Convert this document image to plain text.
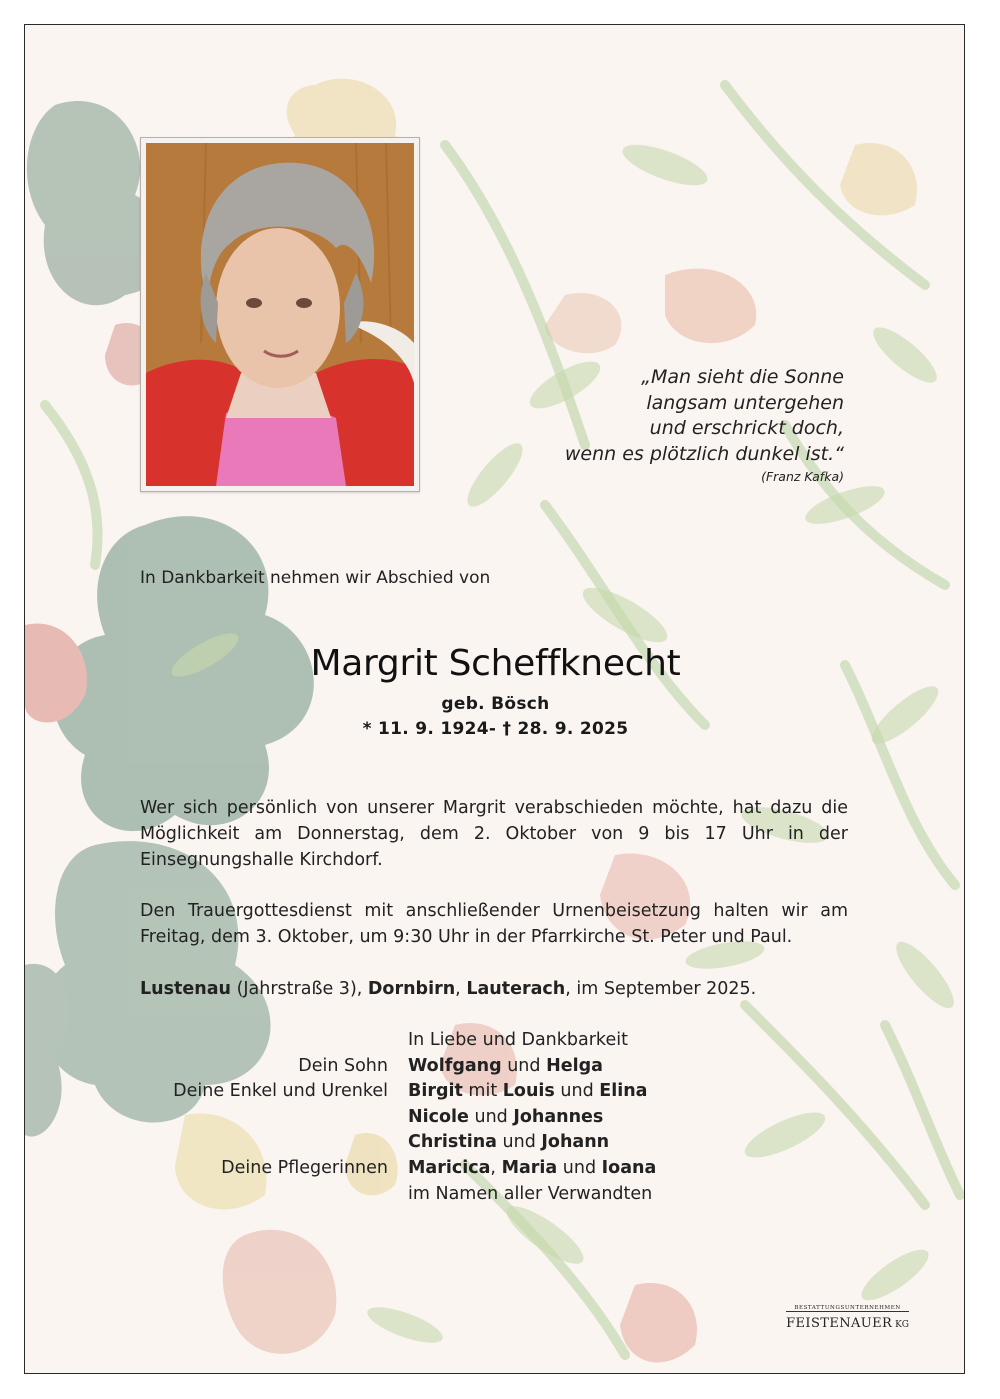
„Man sieht die Sonne
langsam untergehen
und erschrickt doch,
wenn es plötzlich dunkel ist.“
(Franz Kafka)
In Dankbarkeit nehmen wir Abschied von
Margrit Scheffknecht
geb. Bösch
* 11. 9. 1924- † 28. 9. 2025
Wer sich persönlich von unserer Margrit verabschieden möchte, hat dazu die Möglichkeit am Donnerstag, dem 2. Oktober von 9 bis 17 Uhr in der Einsegnungshalle Kirchdorf.
Den Trauergottesdienst mit anschließender Urnenbeisetzung halten wir am Freitag, dem 3. Oktober, um 9:30 Uhr in der Pfarrkirche St. Peter und Paul.
Lustenau (Jahrstraße 3), Dornbirn, Lauterach, im September 2025.
In Liebe und Dankbarkeit
Dein Sohn	Wolfgang und Helga
Deine Enkel und Urenkel	Birgit mit Louis und Elina
Nicole und Johannes
Christina und Johann
Deine Pflegerinnen	Maricica, Maria und Ioana
im Namen aller Verwandten
BESTATTUNGSUNTERNEHMEN
FEISTENAUER KG
